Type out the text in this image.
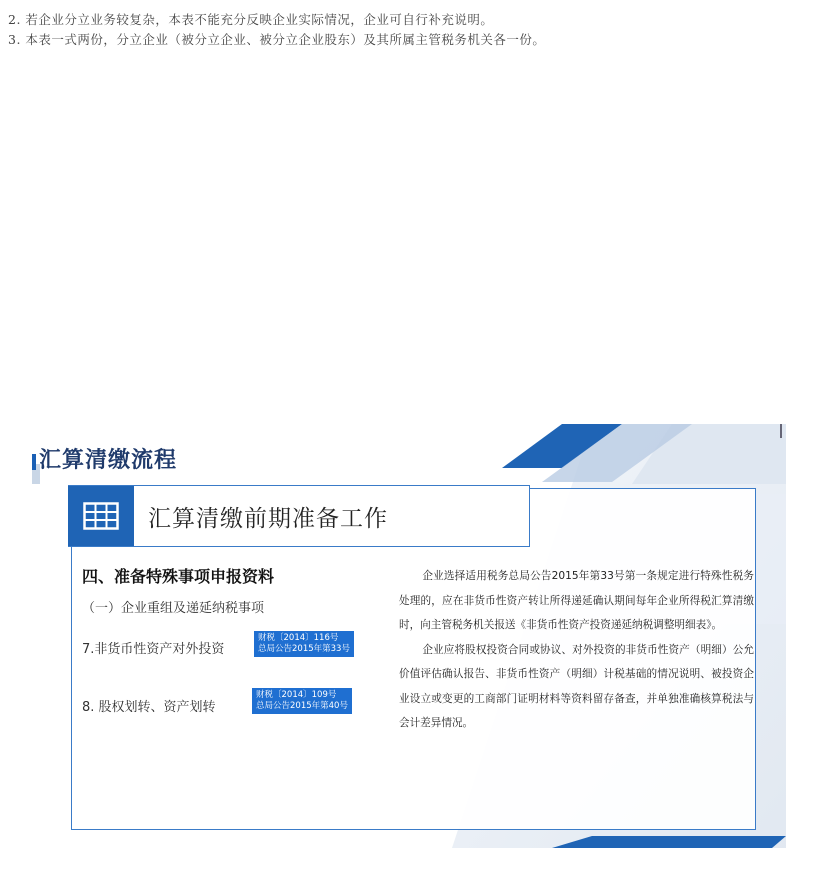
2. 若企业分立业务较复杂，本表不能充分反映企业实际情况，企业可自行补充说明。
3. 本表一式两份，分立企业（被分立企业、被分立企业股东）及其所属主管税务机关各一份。
汇算清缴流程
汇算清缴前期准备工作
四、准备特殊事项申报资料
（一）企业重组及递延纳税事项
7.非货币性资产对外投资
财税〔2014〕116号
总局公告2015年第33号
8. 股权划转、资产划转
财税〔2014〕109号
总局公告2015年第40号

企业选择适用税务总局公告2015年第33号第一条规定进行特殊性税务处理的，应在非货币性资产转让所得递延确认期间每年企业所得税汇算清缴时，向主管税务机关报送《非货币性资产投资递延纳税调整明细表》。

企业应将股权投资合同或协议、对外投资的非货币性资产（明细）公允价值评估确认报告、非货币性资产（明细）计税基础的情况说明、被投资企业设立或变更的工商部门证明材料等资料留存备查，并单独准确核算税法与会计差异情况。
